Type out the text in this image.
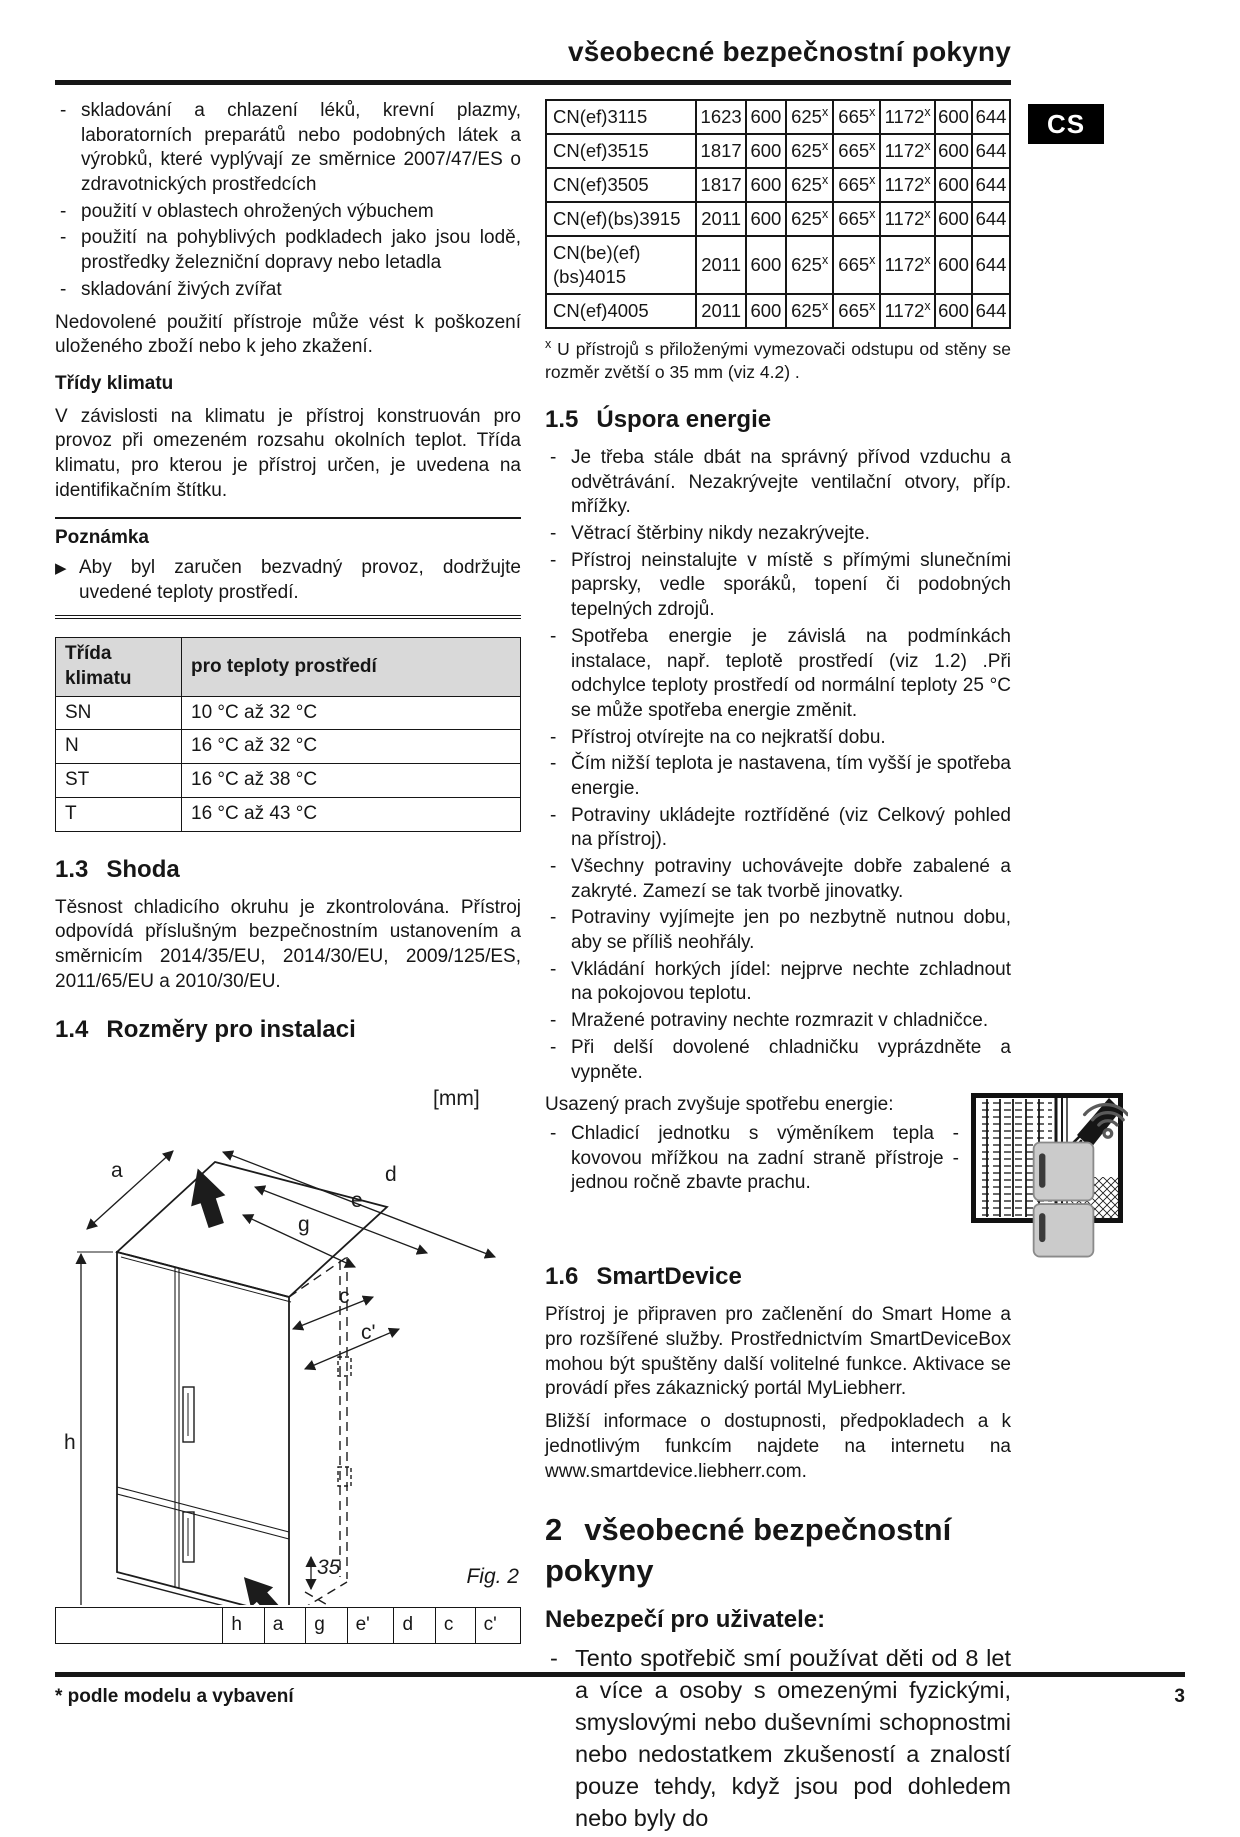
CS
všeobecné bezpečnostní pokyny
- skladování a chlazení léků, krevní plazmy, laboratorních preparátů nebo podobných látek a výrobků, které vyplývají ze směrnice 2007/47/ES o zdravotnických prostředcích
- použití v oblastech ohrožených výbuchem
- použití na pohyblivých podkladech jako jsou lodě, prostředky železniční dopravy nebo letadla
- skladování živých zvířat

Nedovolené použití přístroje může vést k poškození uloženého zboží nebo k jeho zkažení.

Třídy klimatu

V závislosti na klimatu je přístroj konstruován pro provoz při omezeném rozsahu okolních teplot. Třída klimatu, pro kterou je přístroj určen, je uvedena na identifikačním štítku.

Poznámka
▶ Aby byl zaručen bezvadný provoz, dodržujte uvedené teploty prostředí.
Třída klimatu	pro teploty prostředí
SN	10 °C až 32 °C
N	16 °C až 32 °C
ST	16 °C až 38 °C
T	16 °C až 43 °C
1.3 Shoda

Těsnost chladicího okruhu je zkontrolována. Přístroj odpovídá příslušným bezpečnostním ustanovením a směrnicím 2014/35/EU, 2014/30/EU, 2009/125/ES, 2011/65/EU a 2010/30/EU.

1.4 Rozměry pro instalaci
[mm]
a	d
e
g
c
c'
h
35	Fig. 2
	h	a	g	e'	d	c	c'
CN(ef)3115	1623	600	625$^x$	665$^x$	1172$^x$	600	644
CN(ef)3515	1817	600	625$^x$	665$^x$	1172$^x$	600	644
CN(ef)3505	1817	600	625$^x$	665$^x$	1172$^x$	600	644
CN(ef)(bs)3915	2011	600	625$^x$	665$^x$	1172$^x$	600	644
CN(be)(ef)(bs)4015	2011	600	625$^x$	665$^x$	1172$^x$	600	644
CN(ef)4005	2011	600	625$^x$	665$^x$	1172$^x$	600	644

$^x$ U přístrojů s přiloženými vymezovači odstupu od stěny se rozměr zvětší o 35 mm (viz 4.2) .

1.5 Úspora energie
- Je třeba stále dbát na správný přívod vzduchu a odvětrávání. Nezakrývejte ventilační otvory, příp. mřížky.
- Větrací štěrbiny nikdy nezakrývejte.
- Přístroj neinstalujte v místě s přímými slunečními paprsky, vedle sporáků, topení či podobných tepelných zdrojů.
- Spotřeba energie je závislá na podmínkách instalace, např. teplotě prostředí (viz 1.2) .Při odchylce teploty prostředí od normální teploty 25 °C se může spotřeba energie změnit.
- Přístroj otvírejte na co nejkratší dobu.
- Čím nižší teplota je nastavena, tím vyšší je spotřeba energie.
- Potraviny ukládejte roztříděné (viz Celkový pohled na přístroj).
- Všechny potraviny uchovávejte dobře zabalené a zakryté. Zamezí se tak tvorbě jinovatky.
- Potraviny vyjímejte jen po nezbytně nutnou dobu, aby se příliš neohřály.
- Vkládání horkých jídel: nejprve nechte zchladnout na pokojovou teplotu.
- Mražené potraviny nechte rozmrazit v chladničce.
- Při delší dovolené chladničku vyprázdněte a vypněte.

Usazený prach zvyšuje spotřebu energie:

- Chladicí jednotku s výměníkem tepla - kovovou mřížkou na zadní straně přístroje - jednou ročně zbavte prachu.
1.6 SmartDevice

Přístroj je připraven pro začlenění do Smart Home a pro rozšířené služby. Prostřednictvím SmartDeviceBox mohou být spuštěny další volitelné funkce. Aktivace se provádí přes zákaznický portál MyLiebherr.

Bližší informace o dostupnosti, předpokladech a k jednotlivým funkcím najdete na internetu na www.smartdevice.liebherr.com.

2 všeobecné bezpečnostní pokyny
Nebezpečí pro uživatele:
- Tento spotřebič smí používat děti od 8 let a více a osoby s omezenými fyzickými, smyslovými nebo duševními schopnostmi nebo nedostatkem zkušeností a znalostí pouze tehdy, když jsou pod dohledem nebo byly do
* podle modelu a vybavení	3
